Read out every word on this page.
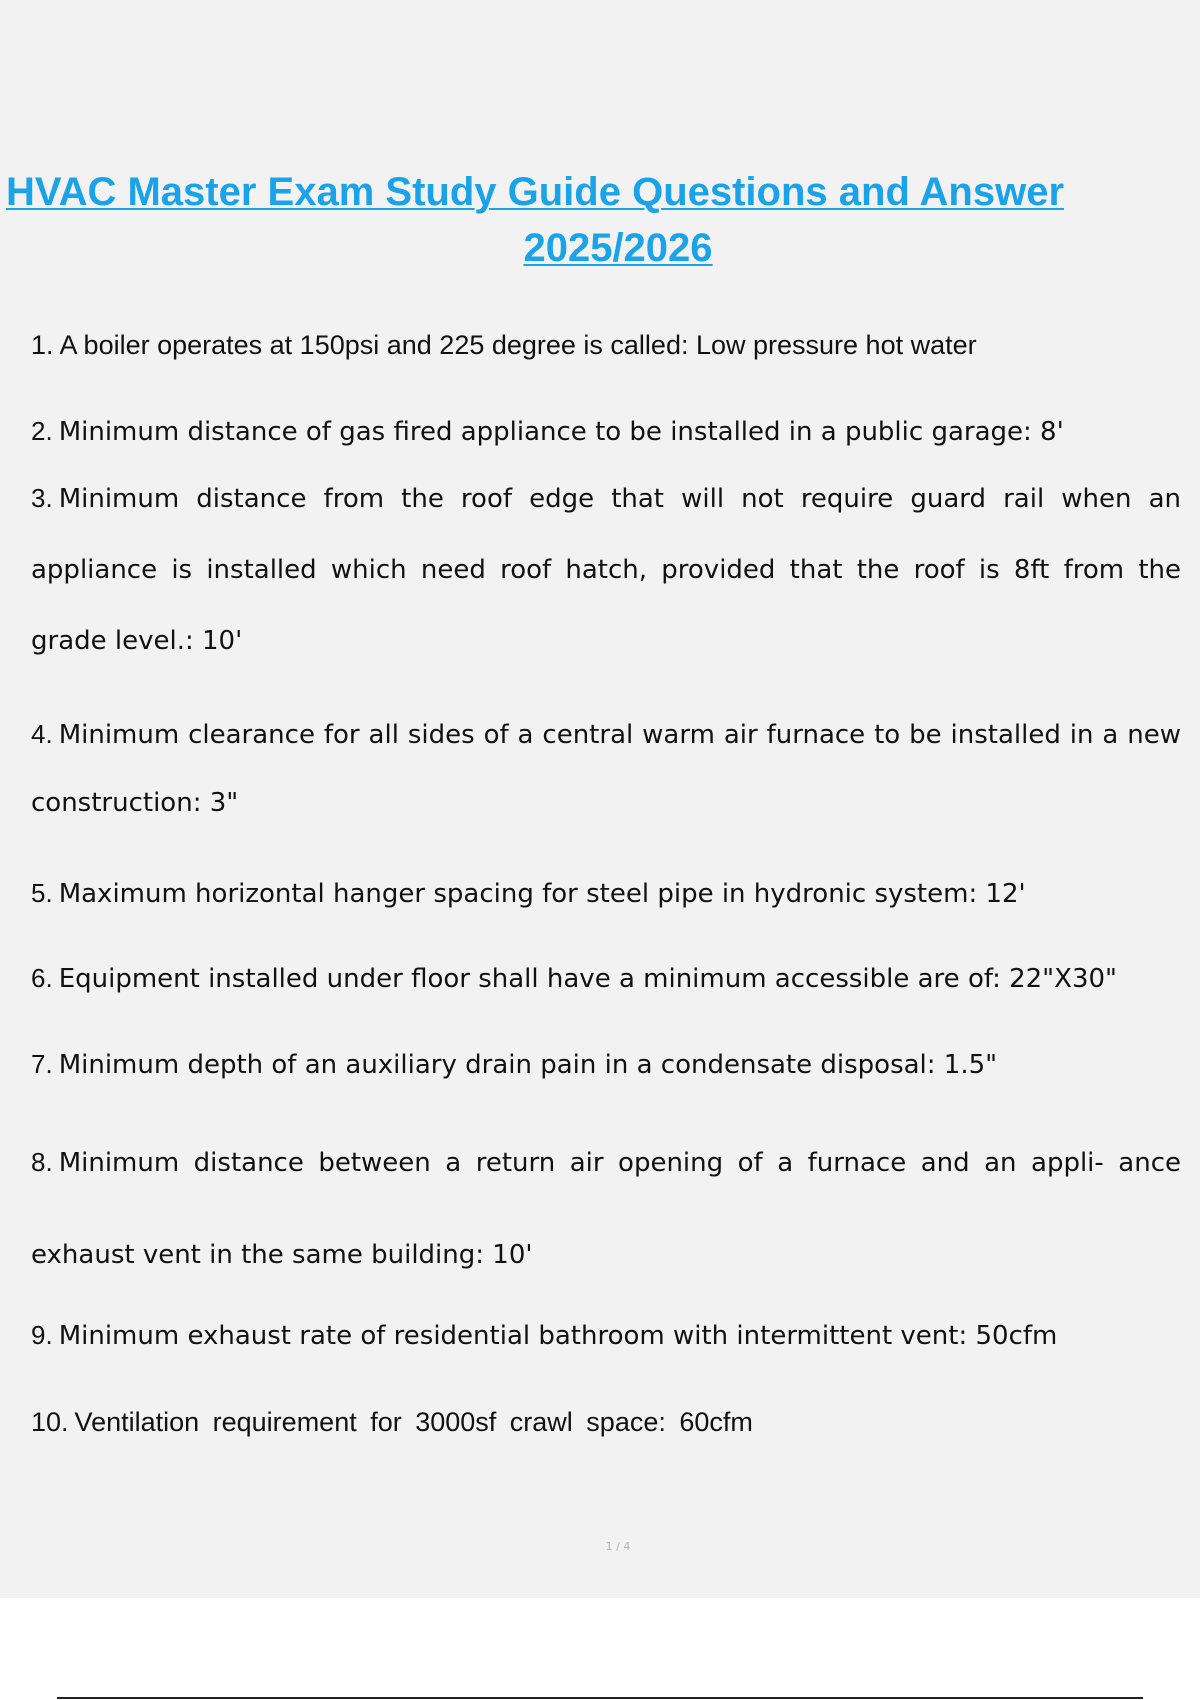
HVAC Master Exam Study Guide Questions and Answer
2025/2026
1. A boiler operates at 150psi and 225 degree is called: Low pressure hot water
2. Minimum distance of gas fired appliance to be installed in a public garage: 8'
3. Minimum distance from the roof edge that will not require guard rail when an appliance is installed which need roof hatch, provided that the roof is 8ft from the grade level.: 10'
4. Minimum clearance for all sides of a central warm air furnace to be installed in a new construction: 3"
5. Maximum horizontal hanger spacing for steel pipe in hydronic system: 12'
6. Equipment installed under floor shall have a minimum accessible are of: 22"X30"
7. Minimum depth of an auxiliary drain pain in a condensate disposal: 1.5"
8. Minimum distance between a return air opening of a furnace and an appli- ance exhaust vent in the same building: 10'
9. Minimum exhaust rate of residential bathroom with intermittent vent: 50cfm
10. Ventilation requirement for 3000sf crawl space: 60cfm
1 / 4
